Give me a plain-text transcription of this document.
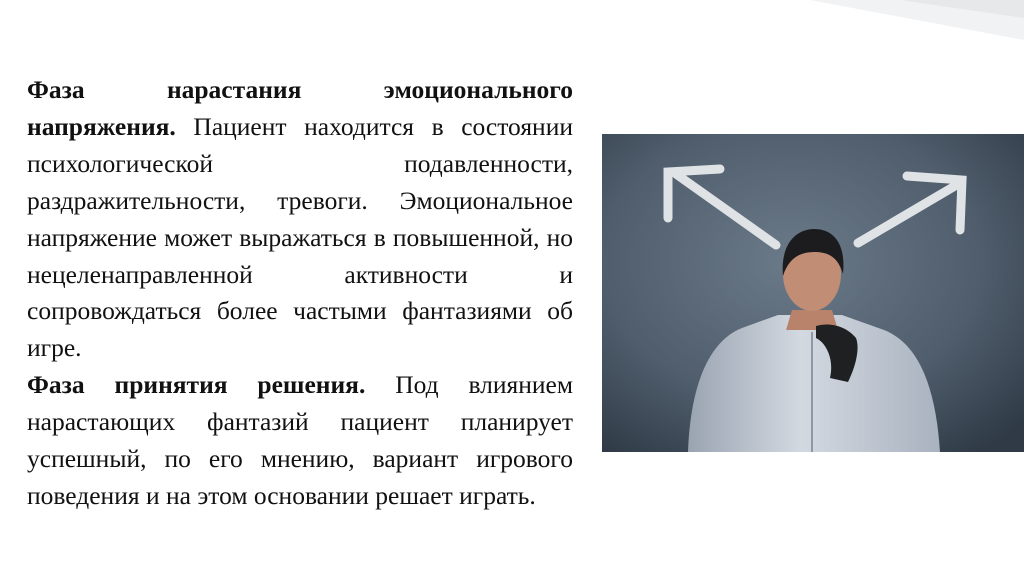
Фаза нарастания эмоционального напряжения. Пациент находится в состоянии психологической подавленности, раздражительности, тревоги. Эмоциональное напряжение может выражаться в повышенной, но нецеленаправленной активности и сопровождаться более частыми фантазиями об игре.

Фаза принятия решения. Под влиянием нарастающих фантазий пациент планирует успешный, по его мнению, вариант игрового поведения и на этом основании решает играть.
